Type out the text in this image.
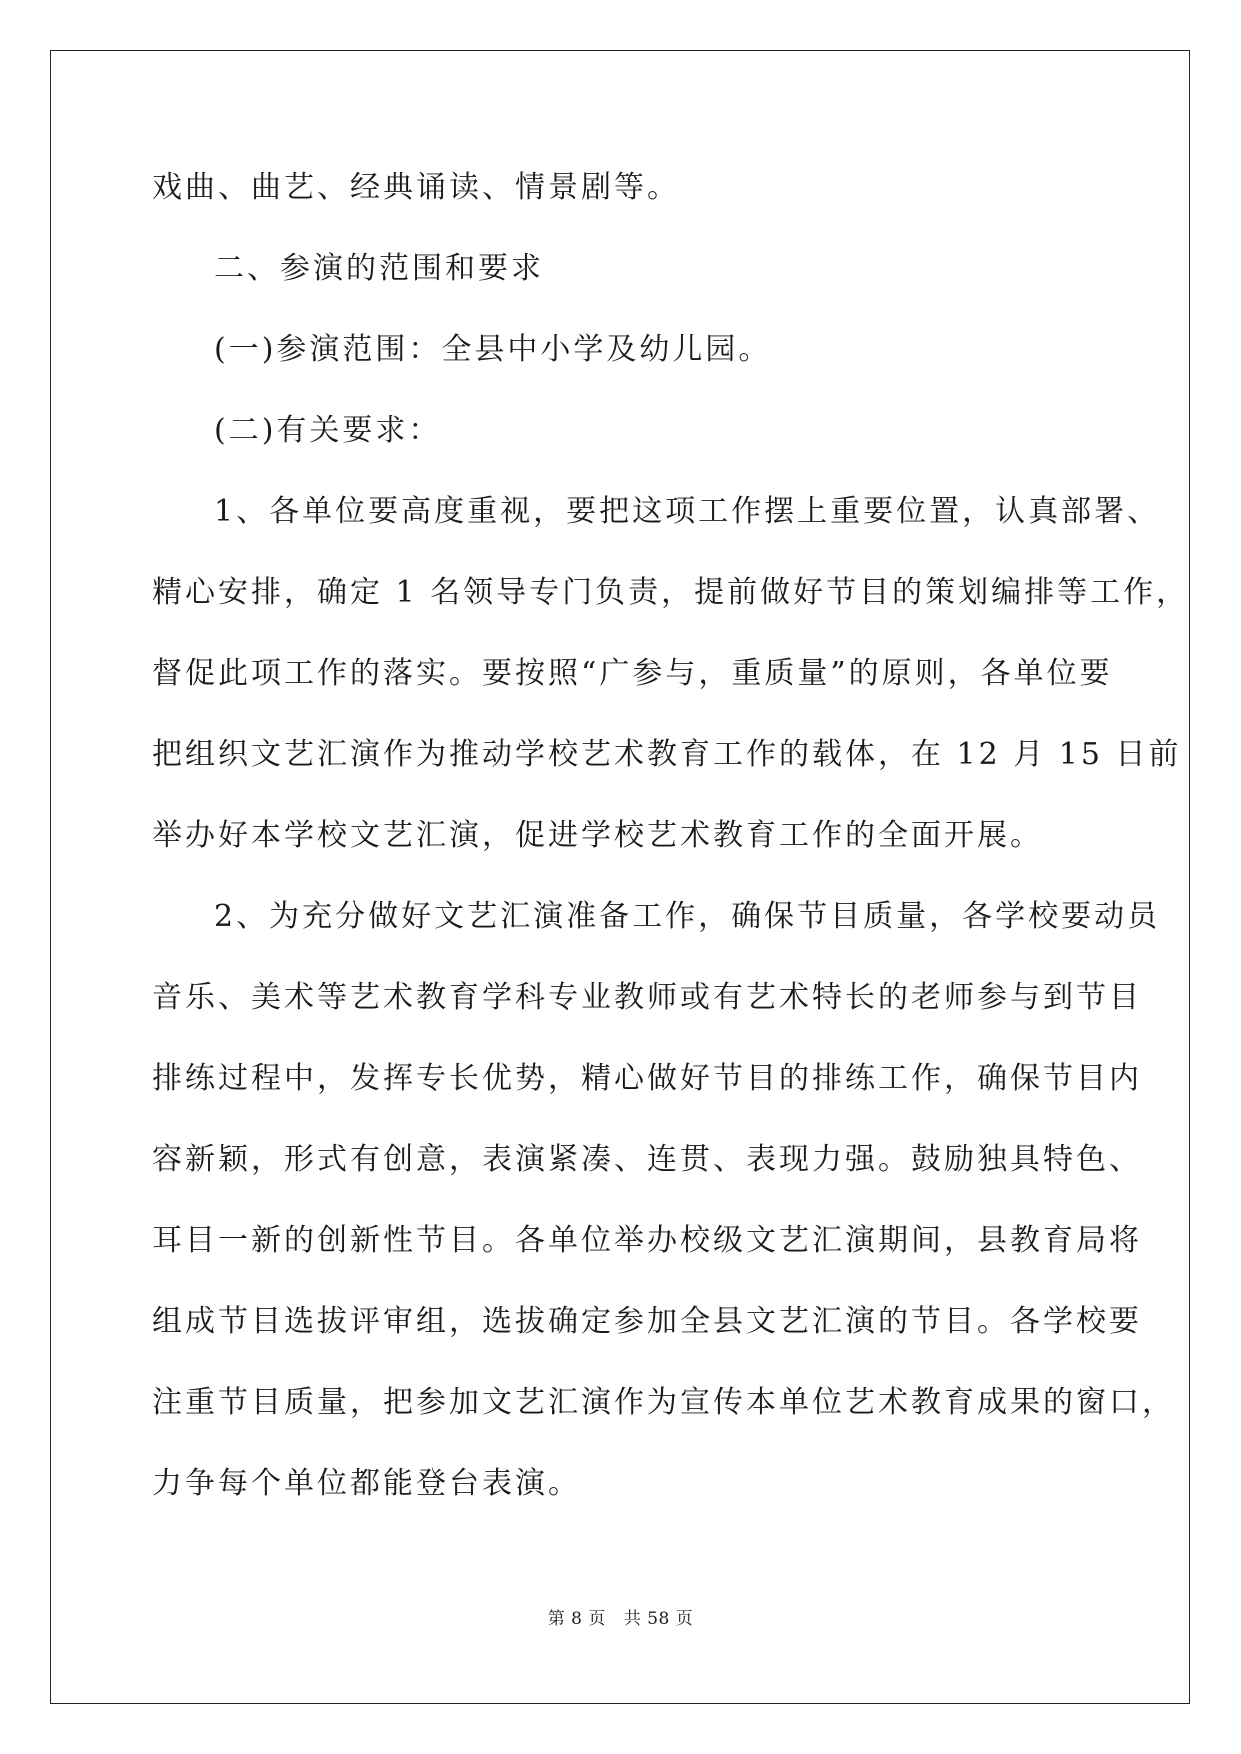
戏曲、曲艺、经典诵读、情景剧等。

二、参演的范围和要求

(一)参演范围：全县中小学及幼儿园。

(二)有关要求：

1、各单位要高度重视，要把这项工作摆上重要位置，认真部署、

精心安排，确定 1 名领导专门负责，提前做好节目的策划编排等工作，

督促此项工作的落实。要按照“广参与，重质量”的原则，各单位要

把组织文艺汇演作为推动学校艺术教育工作的载体，在 12 月 15 日前

举办好本学校文艺汇演，促进学校艺术教育工作的全面开展。

2、为充分做好文艺汇演准备工作，确保节目质量，各学校要动员

音乐、美术等艺术教育学科专业教师或有艺术特长的老师参与到节目

排练过程中，发挥专长优势，精心做好节目的排练工作，确保节目内

容新颖，形式有创意，表演紧凑、连贯、表现力强。鼓励独具特色、

耳目一新的创新性节目。各单位举办校级文艺汇演期间，县教育局将

组成节目选拔评审组，选拔确定参加全县文艺汇演的节目。各学校要

注重节目质量，把参加文艺汇演作为宣传本单位艺术教育成果的窗口，

力争每个单位都能登台表演。

第 8 页 共 58 页
